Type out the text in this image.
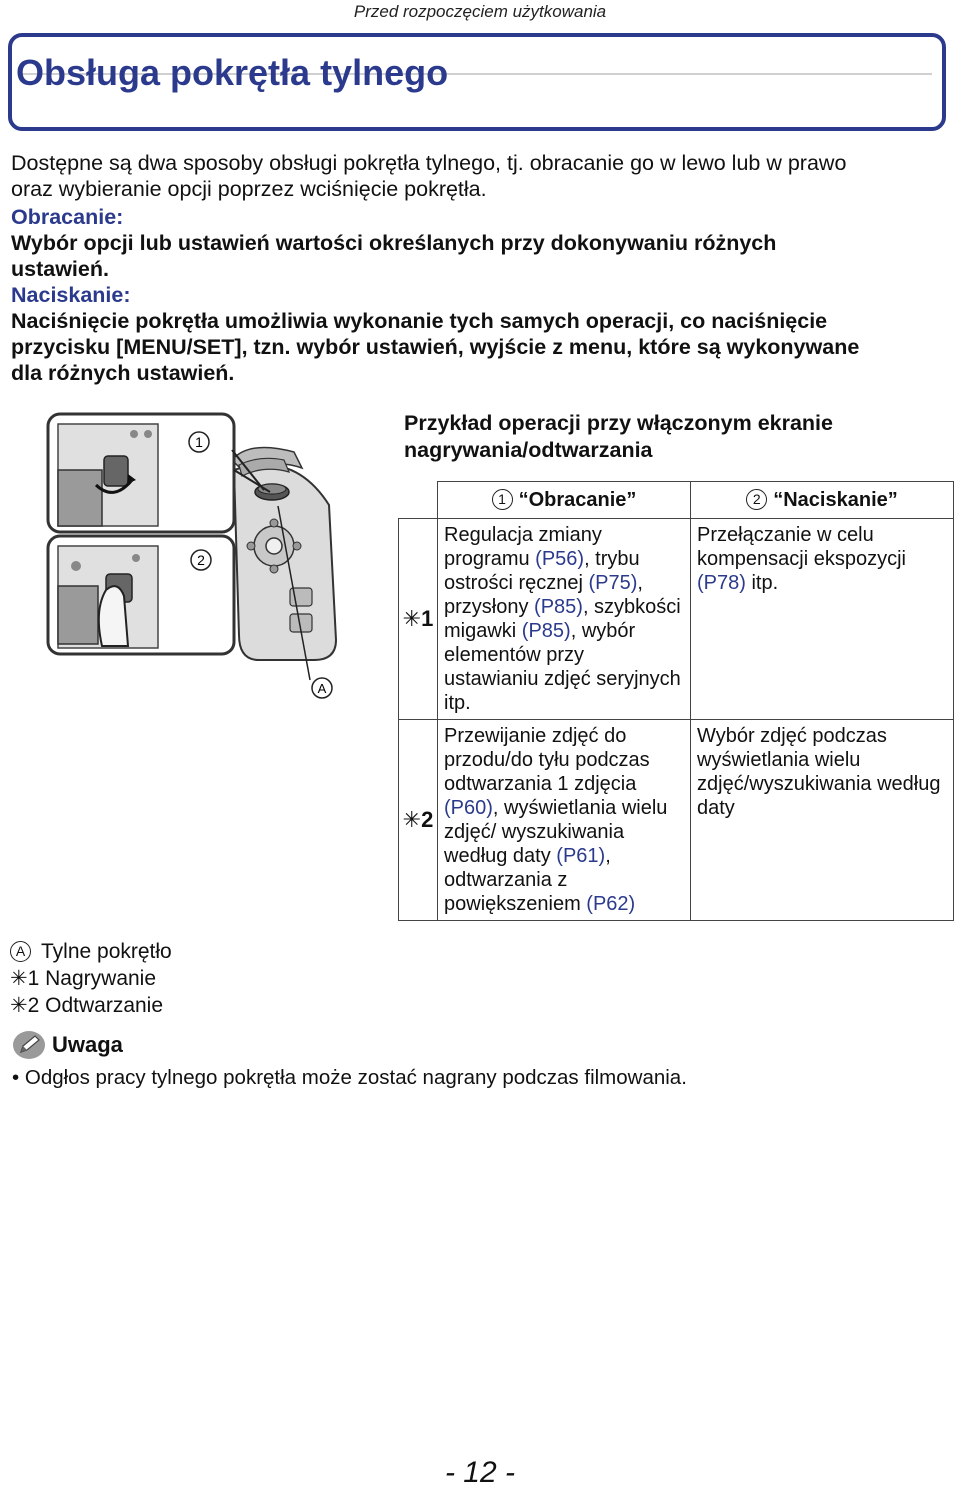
Przed rozpoczęciem użytkowania
Obsługa pokrętła tylnego

Dostępne są dwa sposoby obsługi pokrętła tylnego, tj. obracanie go w lewo lub w prawo

oraz wybieranie opcji poprzez wciśnięcie pokrętła.

Obracanie:

Wybór opcji lub ustawień wartości określanych przy dokonywaniu różnych

ustawień.

Naciskanie:

Naciśnięcie pokrętła umożliwia wykonanie tych samych operacji, co naciśnięcie

przycisku [MENU/SET], tzn. wybór ustawień, wyjście z menu, które są wykonywane

dla różnych ustawień.

1
2
A
Przykład operacji przy włączonym ekranie
nagrywania/odtwarzania
	1 “Obracanie”	2 “Naciskanie”
✳1	Regulacja zmiany programu (P56), trybu ostrości ręcznej (P75), przysłony (P85), szybkości migawki (P85), wybór elementów przy ustawianiu zdjęć seryjnych itp.	Przełączanie w celu kompensacji ekspozycji (P78) itp.
✳2	Przewijanie zdjęć do przodu/do tyłu podczas odtwarzania 1 zdjęcia (P60), wyświetlania wielu zdjęć/ wyszukiwania według daty (P61), odtwarzania z powiększeniem (P62)	Wybór zdjęć podczas wyświetlania wielu zdjęć/wyszukiwania według daty
A Tylne pokrętło
✳1 Nagrywanie
✳2 Odtwarzanie
Uwaga
• Odgłos pracy tylnego pokrętła może zostać nagrany podczas filmowania.
- 12 -
